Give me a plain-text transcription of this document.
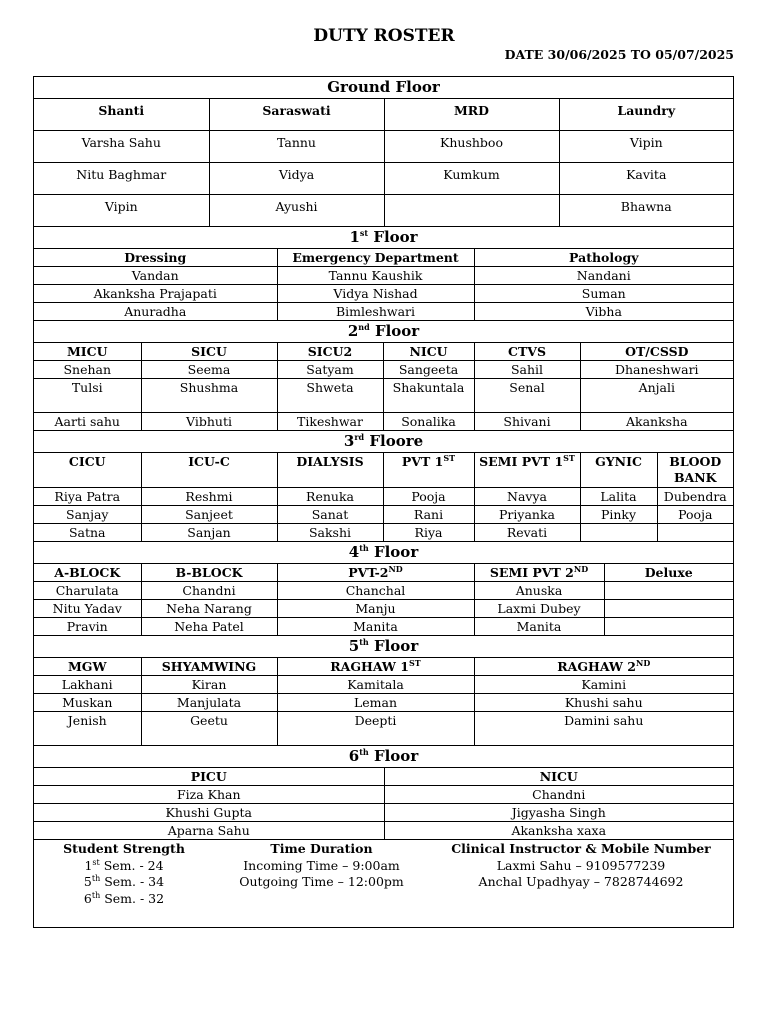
DUTY ROSTER
DATE 30/06/2025 TO 05/07/2025
Ground Floor			
Shanti	Saraswati	MRD	Laundry
Varsha Sahu	Tannu	Khushboo	Vipin
Nitu Baghmar	Vidya	Kumkum	Kavita
Vipin	Ayushi		Bhawna
1st Floor		
Dressing	Emergency Department	Pathology
Vandan	Tannu Kaushik	Nandani
Akanksha Prajapati	Vidya Nishad	Suman
Anuradha	Bimleshwari	Vibha
2nd Floor					
MICU	SICU	SICU2	NICU	CTVS	OT/CSSD
Snehan	Seema	Satyam	Sangeeta	Sahil	Dhaneshwari
Tulsi	Shushma	Shweta	Shakuntala	Senal	Anjali
Aarti sahu	Vibhuti	Tikeshwar	Sonalika	Shivani	Akanksha
3rd Floore						
CICU	ICU-C	DIALYSIS	PVT 1ST	SEMI PVT 1ST	GYNIC	BLOOD BANK
Riya Patra	Reshmi	Renuka	Pooja	Navya	Lalita	Dubendra
Sanjay	Sanjeet	Sanat	Rani	Priyanka	Pinky	Pooja
Satna	Sanjan	Sakshi	Riya	Revati		
4th Floor				
A-BLOCK	B-BLOCK	PVT-2ND	SEMI PVT 2ND	Deluxe
Charulata	Chandni	Chanchal	Anuska	
Nitu Yadav	Neha Narang	Manju	Laxmi Dubey	
Pravin	Neha Patel	Manita	Manita	
5th Floor			
MGW	SHYAMWING	RAGHAW 1ST	RAGHAW 2ND
Lakhani	Kiran	Kamitala	Kamini
Muskan	Manjulata	Leman	Khushi sahu
Jenish	Geetu	Deepti	Damini sahu
6th Floor	
PICU	NICU
Fiza Khan	Chandni
Khushi Gupta	Jigyasha Singh
Aparna Sahu	Akanksha xaxa
Student Strength
1st Sem. - 24
5th Sem. - 34
6th Sem. - 32
Time Duration
Incoming Time – 9:00am
Outgoing Time – 12:00pm
Clinical Instructor & Mobile Number
Laxmi Sahu – 9109577239
Anchal Upadhyay – 7828744692
